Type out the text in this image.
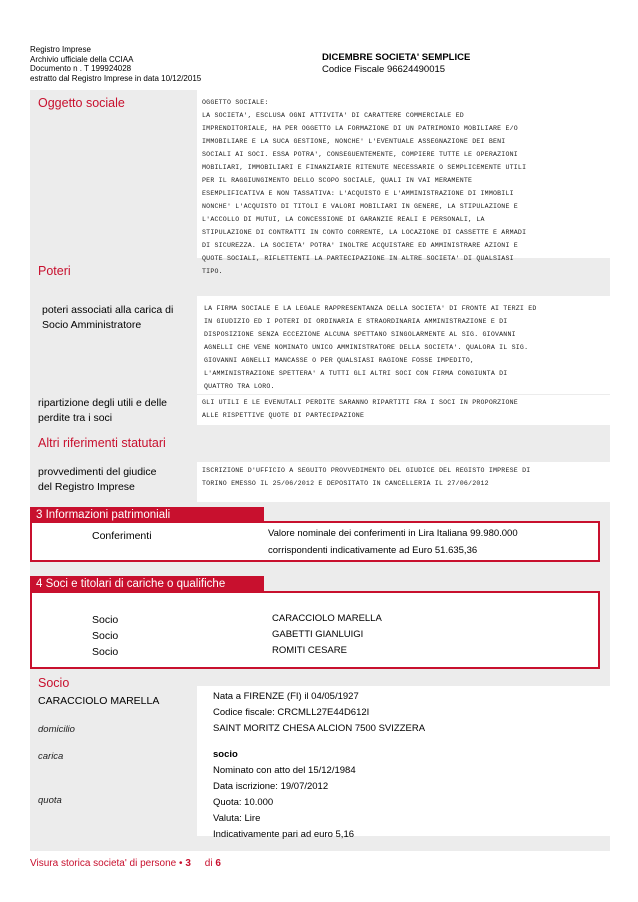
Registro Imprese
Archivio ufficiale della CCIAA
Documento n . T 199924028
estratto dal Registro Imprese in data 10/12/2015
DICEMBRE SOCIETA' SEMPLICE
Codice Fiscale 96624490015
Oggetto sociale	OGGETTO SOCIALE:
LA SOCIETA', ESCLUSA OGNI ATTIVITA' DI CARATTERE COMMERCIALE ED
IMPRENDITORIALE, HA PER OGGETTO LA FORMAZIONE DI UN PATRIMONIO MOBILIARE E/O
IMMOBILIARE E LA SUCA GESTIONE, NONCHE' L'EVENTUALE ASSEGNAZIONE DEI BENI
SOCIALI AI SOCI. ESSA POTRA', CONSEGUENTEMENTE, COMPIERE TUTTE LE OPERAZIONI
MOBILIARI, IMMOBILIARI E FINANZIARIE RITENUTE NECESSARIE O SEMPLICEMENTE UTILI
PER IL RAGGIUNGIMENTO DELLO SCOPO SOCIALE, QUALI IN VAI MERAMENTE
ESEMPLIFICATIVA E NON TASSATIVA: L'ACQUISTO E L'AMMINISTRAZIONE DI IMMOBILI
NONCHE' L'ACQUISTO DI TITOLI E VALORI MOBILIARI IN GENERE, LA STIPULAZIONE E
L'ACCOLLO DI MUTUI, LA CONCESSIONE DI GARANZIE REALI E PERSONALI, LA
STIPULAZIONE DI CONTRATTI IN CONTO CORRENTE, LA LOCAZIONE DI CASSETTE E ARMADI
DI SICUREZZA. LA SOCIETA' POTRA' INOLTRE ACQUISTARE ED AMMINISTRARE AZIONI E
QUOTE SOCIALI, RIFLETTENTI LA PARTECIPAZIONE IN ALTRE SOCIETA' DI QUALSIASI
TIPO.
Poteri
poteri associati alla carica di
Socio Amministratore
LA FIRMA SOCIALE E LA LEGALE RAPPRESENTANZA DELLA SOCIETA' DI FRONTE AI TERZI ED
IN GIUDIZIO ED I POTERI DI ORDINARIA E STRAORDINARIA AMMINISTRAZIONE E DI
DISPOSIZIONE SENZA ECCEZIONE ALCUNA SPETTANO SINGOLARMENTE AL SIG. GIOVANNI
AGNELLI CHE VENE NOMINATO UNICO AMMINISTRATORE DELLA SOCIETA'. QUALORA IL SIG.
GIOVANNI AGNELLI MANCASSE O PER QUALSIASI RAGIONE FOSSE IMPEDITO,
L'AMMINISTRAZIONE SPETTERA' A TUTTI GLI ALTRI SOCI CON FIRMA CONGIUNTA DI
QUATTRO TRA LORO.
ripartizione degli utili e delle
perdite tra i soci
GLI UTILI E LE EVENUTALI PERDITE SARANNO RIPARTITI FRA I SOCI IN PROPORZIONE
ALLE RISPETTIVE QUOTE DI PARTECIPAZIONE
Altri riferimenti statutari
provvedimenti del giudice
del Registro Imprese
ISCRIZIONE D'UFFICIO A SEGUITO PROVVEDIMENTO DEL GIUDICE DEL REGISTO IMPRESE DI
TORINO EMESSO IL 25/06/2012 E DEPOSITATO IN CANCELLERIA IL 27/06/2012
3 Informazioni patrimoniali
Conferimenti	Valore nominale dei conferimenti in Lira Italiana 99.980.000
corrispondenti indicativamente ad Euro 51.635,36
4 Soci e titolari di cariche o qualifiche
Socio	CARACCIOLO MARELLA
Socio	GABETTI GIANLUIGI
Socio	ROMITI CESARE
Socio
CARACCIOLO MARELLA	Nata a FIRENZE (FI) il 04/05/1927
Codice fiscale: CRCMLL27E44D612I
domicilio	SAINT MORITZ CHESA ALCION 7500 SVIZZERA
carica	socio
Nominato con atto del 15/12/1984
Data iscrizione: 19/07/2012
quota	Quota: 10.000
Valuta: Lire
Indicativamente pari ad euro 5,16
Visura storica societa' di persone • 3 di 6
